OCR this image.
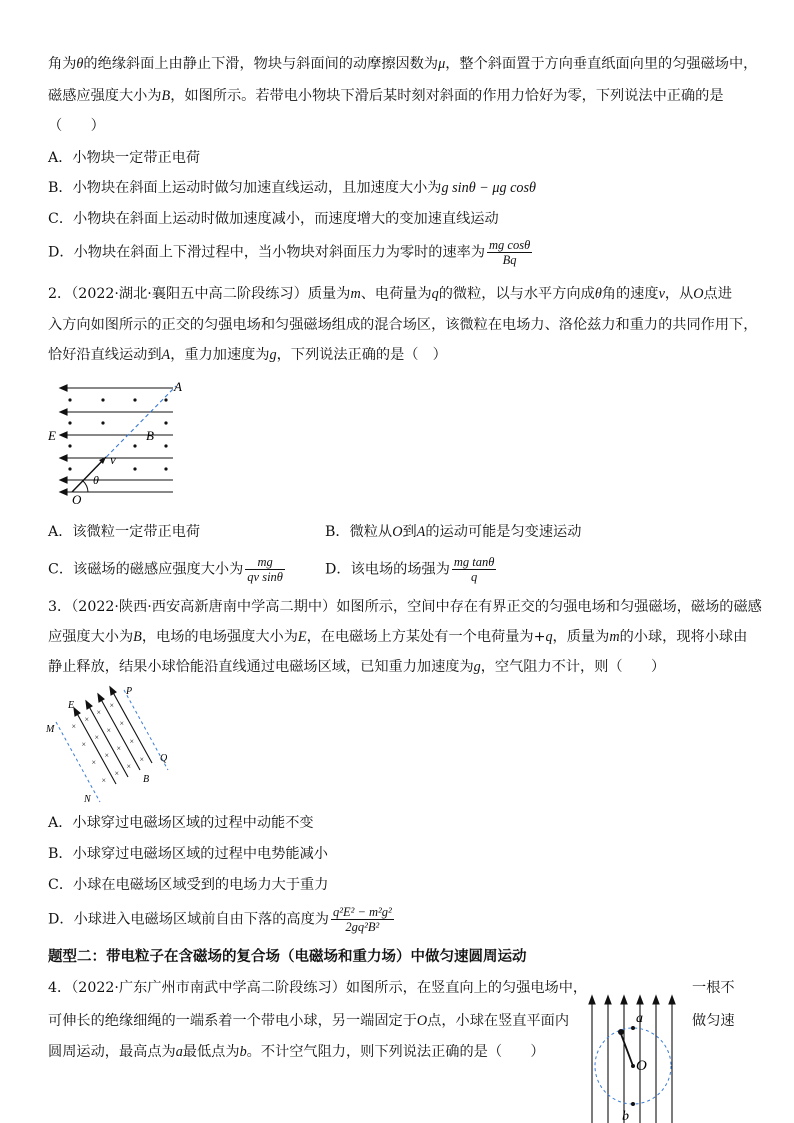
角为θ的绝缘斜面上由静止下滑，物块与斜面间的动摩擦因数为μ，整个斜面置于方向垂直纸面向里的匀强磁场中，
磁感应强度大小为B，如图所示。若带电小物块下滑后某时刻对斜面的作用力恰好为零，下列说法中正确的是
（　　）
A．小物块一定带正电荷
B．小物块在斜面上运动时做匀加速直线运动，且加速度大小为g sinθ − μg cosθ
C．小物块在斜面上运动时做加速度减小，而速度增大的变加速直线运动
D．小物块在斜面上下滑过程中，当小物块对斜面压力为零时的速率为 $\frac{\text{mg cosθ}}{Bq}$
2．（2022·湖北·襄阳五中高二阶段练习）质量为m、电荷量为q的微粒，以与水平方向成θ角的速度v，从O点进
入方向如图所示的正交的匀强电场和匀强磁场组成的混合场区，该微粒在电场力、洛伦兹力和重力的共同作用下，
恰好沿直线运动到A，重力加速度为g，下列说法正确的是（　）
A
E	B
v
θ
O
A．该微粒一定带正电荷	B．微粒从O到A的运动可能是匀变速运动
C．该磁场的磁感应强度大小为 $\frac{mg}{\text{qv sinθ}}$	D．该电场的场强为 $\frac{\text{mg tanθ}}{q}$
3．（2022·陕西·西安高新唐南中学高二期中）如图所示，空间中存在有界正交的匀强电场和匀强磁场，磁场的磁感
应强度大小为B，电场的电场强度大小为E，在电磁场上方某处有一个电荷量为+q，质量为m的小球，现将小球由
静止释放，结果小球恰能沿直线通过电磁场区域，已知重力加速度为g，空气阻力不计，则（　　）
×
×
×
×
×
×
×
×
×
×
×
×
×
×
×
×
P
E
M
Q
B
N
A．小球穿过电磁场区域的过程中动能不变
B．小球穿过电磁场区域的过程中电势能减小
C．小球在电磁场区域受到的电场力大于重力
D．小球进入电磁场区域前自由下落的高度为 $\frac{\text{q²E² − m²g²}}{\text{2gq²B²}}$
题型二：带电粒子在含磁场的复合场（电磁场和重力场）中做匀速圆周运动
4．（2022·广东广州市南武中学高二阶段练习）如图所示，在竖直向上的匀强电场中，	一根不
可伸长的绝缘细绳的一端系着一个带电小球，另一端固定于O点，小球在竖直平面内	做匀速
圆周运动，最高点为a最低点为b。不计空气阻力，则下列说法正确的是（　　）
a
O
b
